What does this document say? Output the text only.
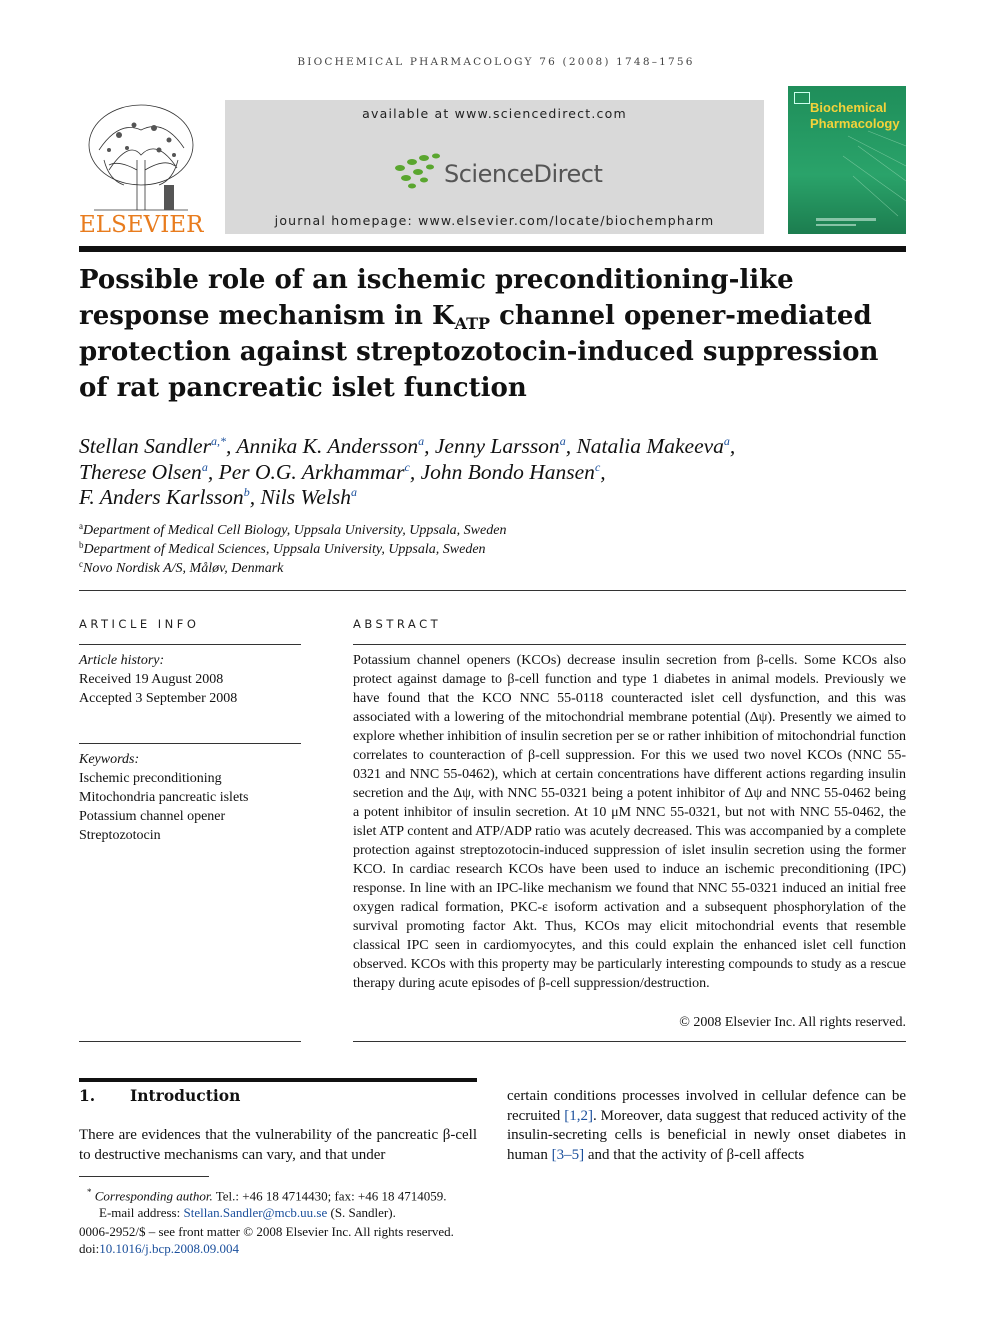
BIOCHEMICAL PHARMACOLOGY 76 (2008) 1748–1756
ELSEVIER
available at www.sciencedirect.com
ScienceDirect
journal homepage: www.elsevier.com/locate/biochempharm
Biochemical
Pharmacology
Possible role of an ischemic preconditioning-like response mechanism in $K_{ATP}$ channel opener-mediated protection against streptozotocin-induced suppression of rat pancreatic islet function
Stellan Sandler$^{a,*}$, Annika K. Andersson$^a$, Jenny Larsson$^a$, Natalia Makeeva$^a$,
Therese Olsen$^a$, Per O.G. Arkhammar$^c$, John Bondo Hansen$^c$,
F. Anders Karlsson$^b$, Nils Welsh$^a$
$^a$Department of Medical Cell Biology, Uppsala University, Uppsala, Sweden
$^b$Department of Medical Sciences, Uppsala University, Uppsala, Sweden
$^c$Novo Nordisk A/S, Måløv, Denmark
ARTICLE INFO
Article history:
Received 19 August 2008
Accepted 3 September 2008
Keywords:
Ischemic preconditioning
Mitochondria pancreatic islets
Potassium channel opener
Streptozotocin
ABSTRACT
Potassium channel openers (KCOs) decrease insulin secretion from β-cells. Some KCOs also protect against damage to β-cell function and type 1 diabetes in animal models. Previously we have found that the KCO NNC 55-0118 counteracted islet cell dysfunction, and this was associated with a lowering of the mitochondrial membrane potential (Δψ). Presently we aimed to explore whether inhibition of insulin secretion per se or rather inhibition of mitochondrial function correlates to counteraction of β-cell suppression. For this we used two novel KCOs (NNC 55-0321 and NNC 55-0462), which at certain concentrations have different actions regarding insulin secretion and the Δψ, with NNC 55-0321 being a potent inhibitor of Δψ and NNC 55-0462 being a potent inhibitor of insulin secretion. At 10 μM NNC 55-0321, but not with NNC 55-0462, the islet ATP content and ATP/ADP ratio was acutely decreased. This was accompanied by a complete protection against streptozotocin-induced suppression of islet insulin secretion using the former KCO. In cardiac research KCOs have been used to induce an ischemic preconditioning (IPC) response. In line with an IPC-like mechanism we found that NNC 55-0321 induced an initial free oxygen radical formation, PKC-ε isoform activation and a subsequent phosphorylation of the survival promoting factor Akt. Thus, KCOs may elicit mitochondrial events that resemble classical IPC seen in cardiomyocytes, and this could explain the enhanced islet cell function observed. KCOs with this property may be particularly interesting compounds to study as a rescue therapy during acute episodes of β-cell suppression/destruction.
© 2008 Elsevier Inc. All rights reserved.
1. Introduction
There are evidences that the vulnerability of the pancreatic β-cell to destructive mechanisms can vary, and that under
certain conditions processes involved in cellular defence can be recruited [1,2]. Moreover, data suggest that reduced activity of the insulin-secreting cells is beneficial in newly onset diabetes in human [3–5] and that the activity of β-cell affects
* Corresponding author. Tel.: +46 18 4714430; fax: +46 18 4714059.
E-mail address: Stellan.Sandler@mcb.uu.se (S. Sandler).
0006-2952/$ – see front matter © 2008 Elsevier Inc. All rights reserved.
doi:10.1016/j.bcp.2008.09.004
